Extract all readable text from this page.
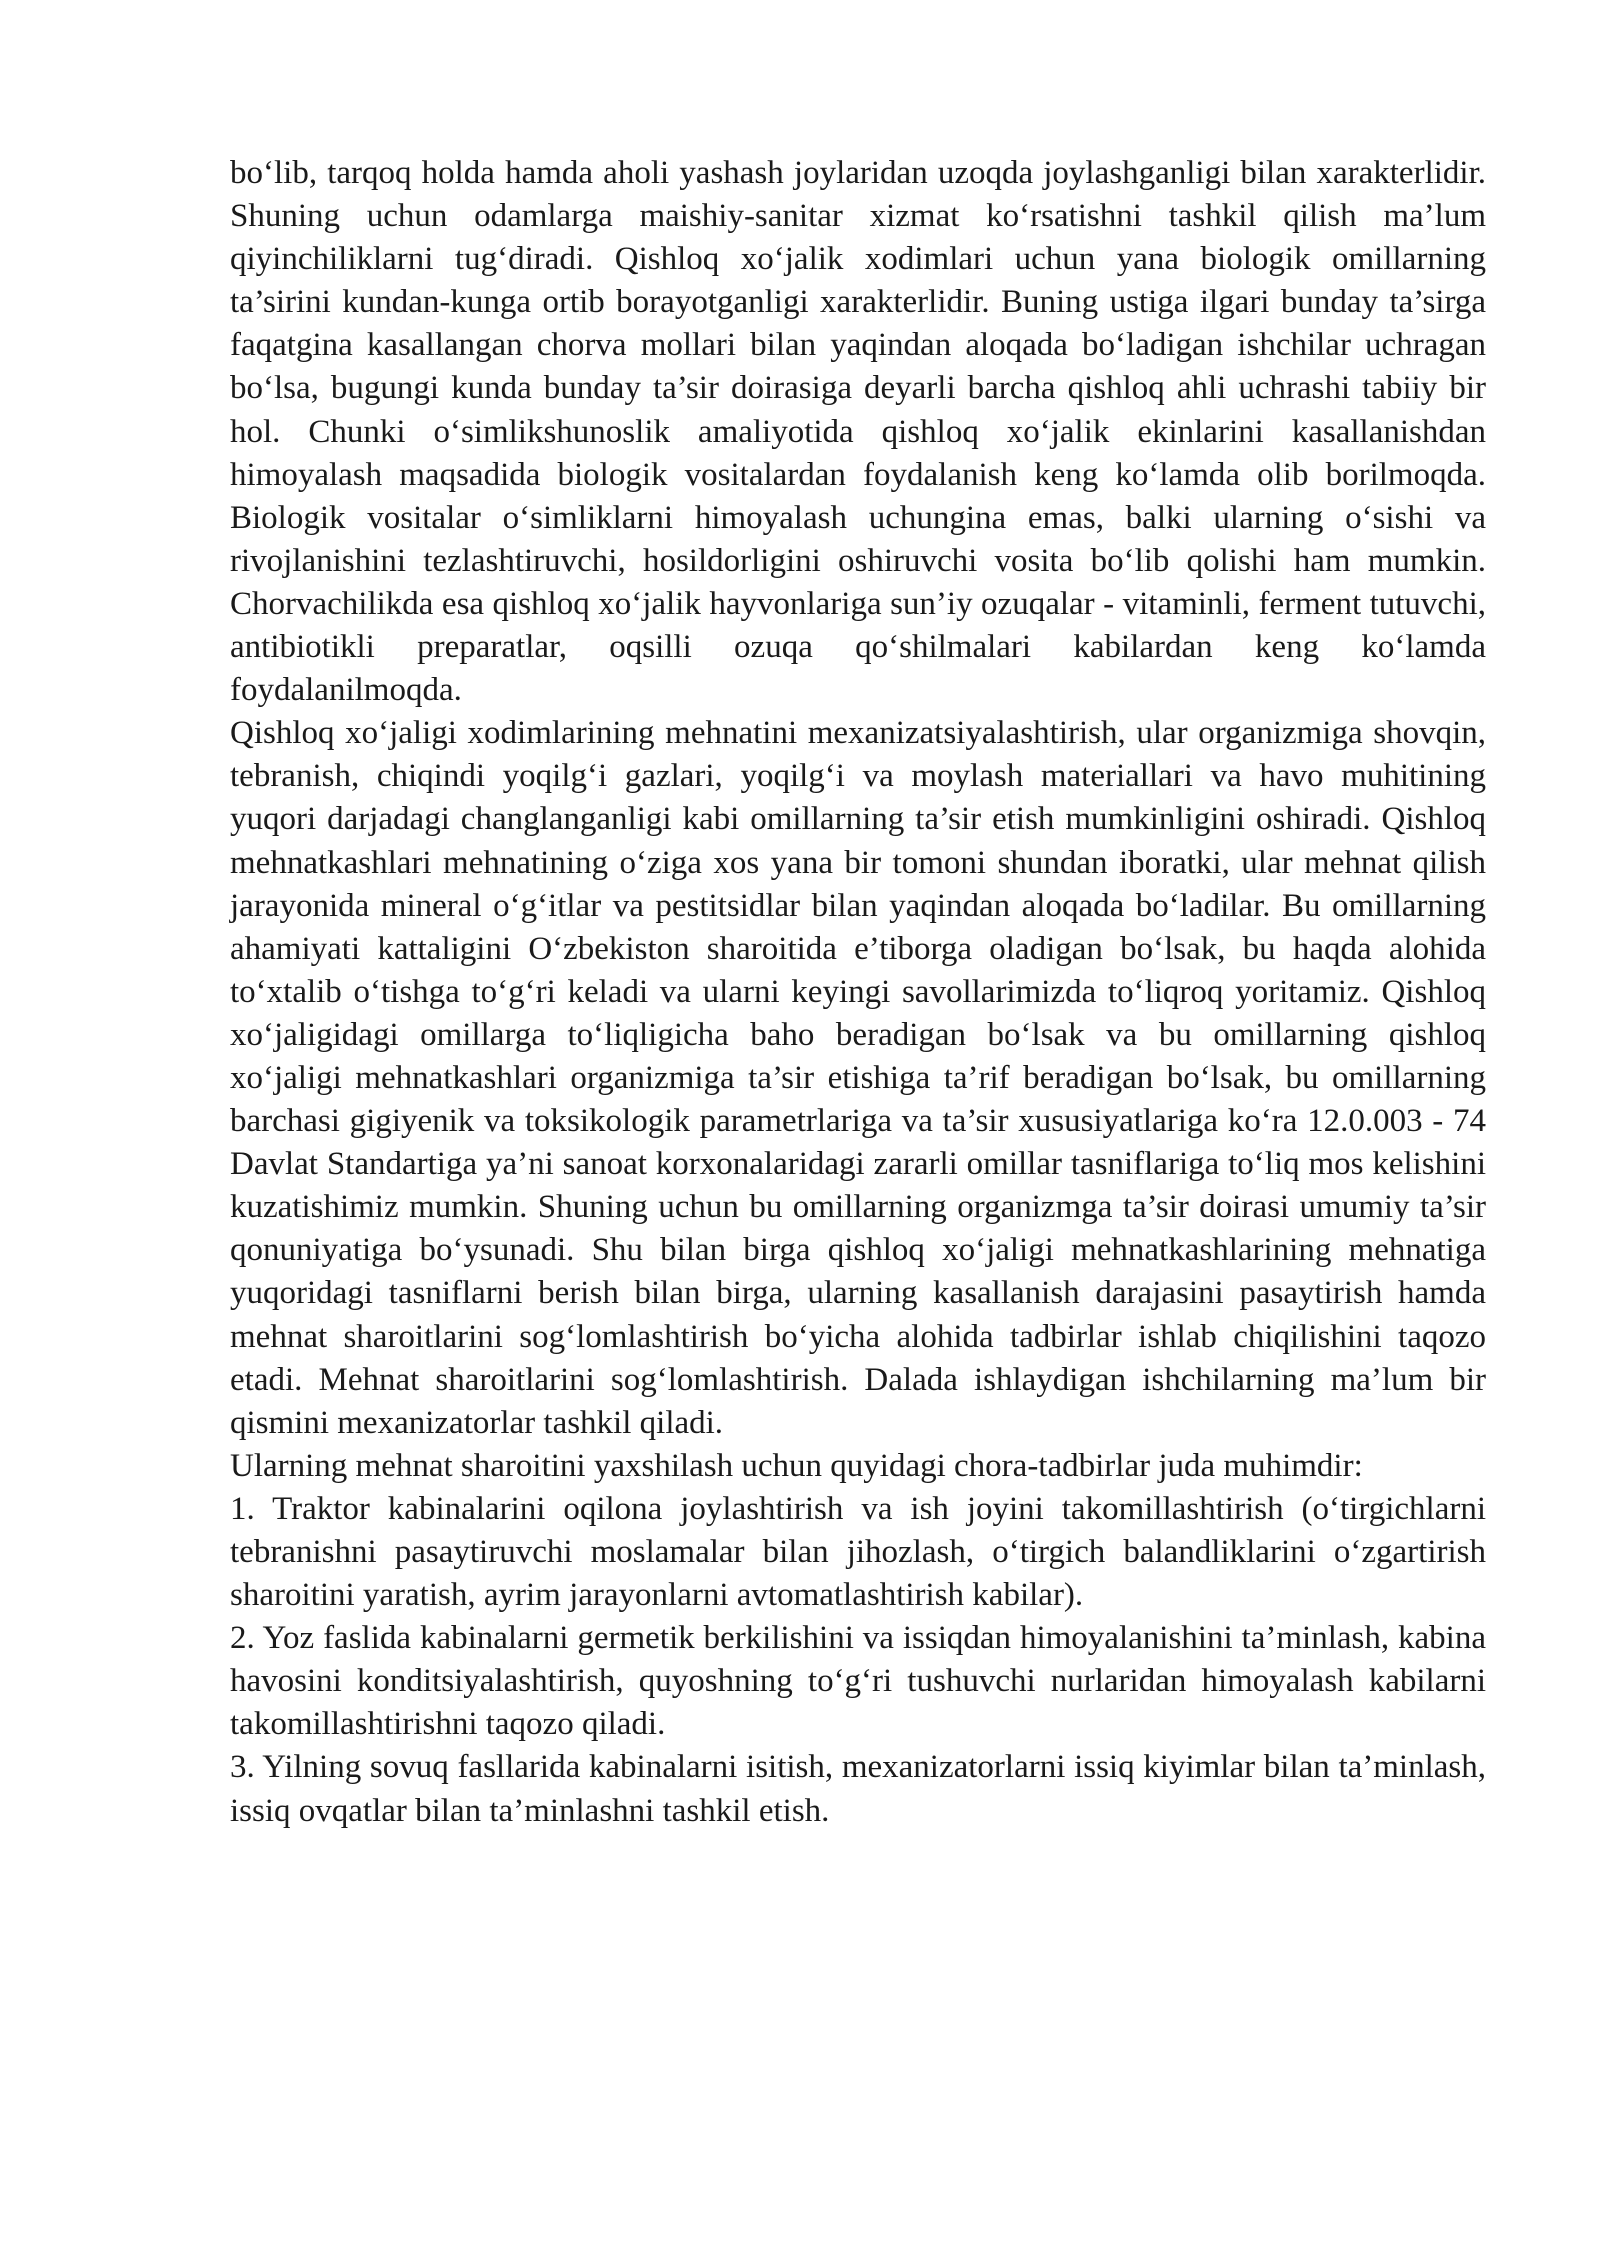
bo‘lib, tarqoq holda hamda aholi yashash joylaridan uzoqda joylashganligi bilan xarakterlidir. Shuning uchun odamlarga maishiy-sanitar xizmat ko‘rsatishni tashkil qilish ma’lum qiyinchiliklarni tug‘diradi. Qishloq xo‘jalik xodimlari uchun yana biologik omillarning ta’sirini kundan-kunga ortib borayotganligi xarakterlidir. Buning ustiga ilgari bunday ta’sirga faqatgina kasallangan chorva mollari bilan yaqindan aloqada bo‘ladigan ishchilar uchragan bo‘lsa, bugungi kunda bunday ta’sir doirasiga deyarli barcha qishloq ahli uchrashi tabiiy bir hol. Chunki o‘simlikshunoslik amaliyotida qishloq xo‘jalik ekinlarini kasallanishdan himoyalash maqsadida biologik vositalardan foydalanish keng ko‘lamda olib borilmoqda. Biologik vositalar o‘simliklarni himoyalash uchungina emas, balki ularning o‘sishi va rivojlanishini tezlashtiruvchi, hosildorligini oshiruvchi vosita bo‘lib qolishi ham mumkin. Chorvachilikda esa qishloq xo‘jalik hayvonlariga sun’iy ozuqalar - vitaminli, ferment tutuvchi, antibiotikli preparatlar, oqsilli ozuqa qo‘shilmalari kabilardan keng ko‘lamda foydalanilmoqda.

Qishloq xo‘jaligi xodimlarining mehnatini mexanizatsiyalashtirish, ular organizmiga shovqin, tebranish, chiqindi yoqilg‘i gazlari, yoqilg‘i va moylash materiallari va havo muhitining yuqori darjadagi changlanganligi kabi omillarning ta’sir etish mumkinligini oshiradi. Qishloq mehnatkashlari mehnatining o‘ziga xos yana bir tomoni shundan iboratki, ular mehnat qilish jarayonida mineral o‘g‘itlar va pestitsidlar bilan yaqindan aloqada bo‘ladilar. Bu omillarning ahamiyati kattaligini O‘zbekiston sharoitida e’tiborga oladigan bo‘lsak, bu haqda alohida to‘xtalib o‘tishga to‘g‘ri keladi va ularni keyingi savollarimizda to‘liqroq yoritamiz. Qishloq xo‘jaligidagi omillarga to‘liqligicha baho beradigan bo‘lsak va bu omillarning qishloq xo‘jaligi mehnatkashlari organizmiga ta’sir etishiga ta’rif beradigan bo‘lsak, bu omillarning barchasi gigiyenik va toksikologik parametrlariga va ta’sir xususiyatlariga ko‘ra 12.0.003 - 74 Davlat Standartiga ya’ni sanoat korxonalaridagi zararli omillar tasniflariga to‘liq mos kelishini kuzatishimiz mumkin. Shuning uchun bu omillarning organizmga ta’sir doirasi umumiy ta’sir qonuniyatiga bo‘ysunadi. Shu bilan birga qishloq xo‘jaligi mehnatkashlarining mehnatiga yuqoridagi tasniflarni berish bilan birga, ularning kasallanish darajasini pasaytirish hamda mehnat sharoitlarini sog‘lomlashtirish bo‘yicha alohida tadbirlar ishlab chiqilishini taqozo etadi. Mehnat sharoitlarini sog‘lomlashtirish. Dalada ishlaydigan ishchilarning ma’lum bir qismini mexanizatorlar tashkil qiladi.

Ularning mehnat sharoitini yaxshilash uchun quyidagi chora-tadbirlar juda muhimdir:

1. Traktor kabinalarini oqilona joylashtirish va ish joyini takomillashtirish (o‘tirgichlarni tebranishni pasaytiruvchi moslamalar bilan jihozlash, o‘tirgich balandliklarini o‘zgartirish sharoitini yaratish, ayrim jarayonlarni avtomatlashtirish kabilar).

2. Yoz faslida kabinalarni germetik berkilishini va issiqdan himoyalanishini ta’minlash, kabina havosini konditsiyalashtirish, quyoshning to‘g‘ri tushuvchi nurlaridan himoyalash kabilarni takomillashtirishni taqozo qiladi.

3. Yilning sovuq fasllarida kabinalarni isitish, mexanizatorlarni issiq kiyimlar bilan ta’minlash, issiq ovqatlar bilan ta’minlashni tashkil etish.
